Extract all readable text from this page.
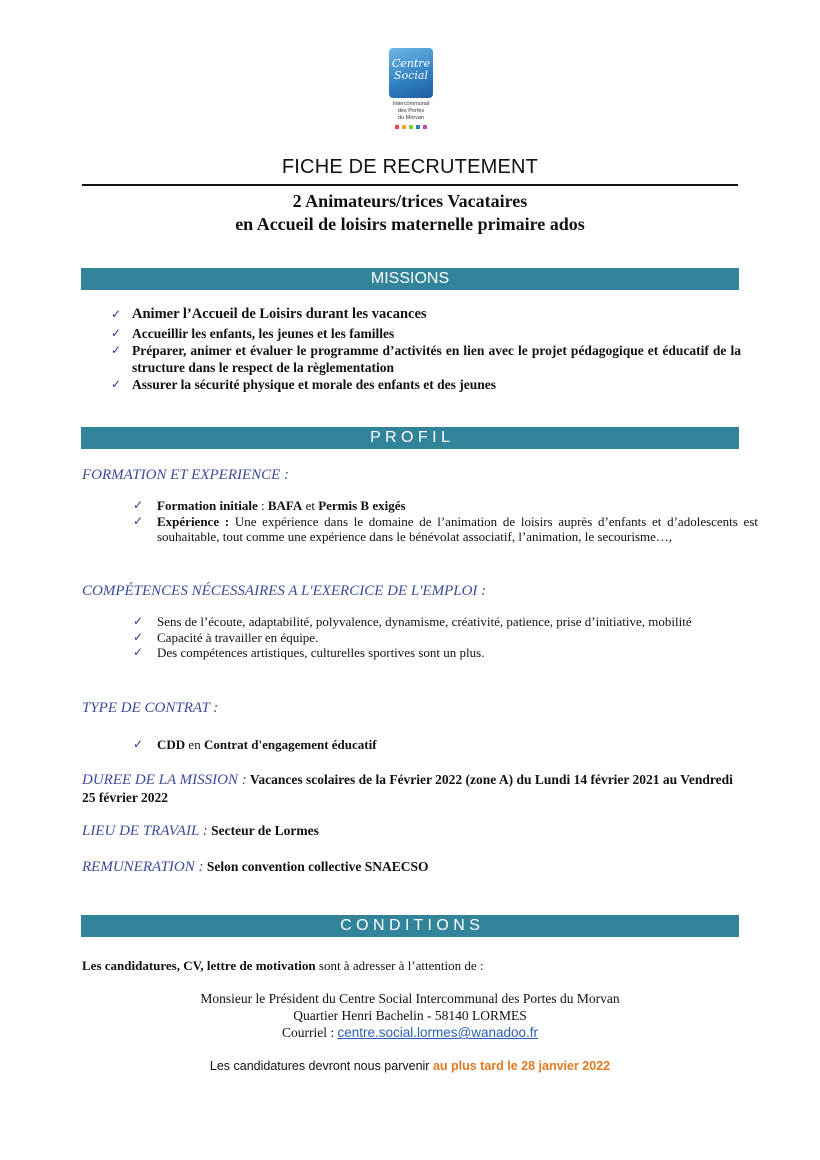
Centre
Social
Intercommunal
des Portes
du Morvan
FICHE DE RECRUTEMENT
2 Animateurs/trices Vacataires
en Accueil de loisirs maternelle primaire ados
MISSIONS
✓ Animer l’Accueil de Loisirs durant les vacances
✓ Accueillir les enfants, les jeunes et les familles
✓ Préparer, animer et évaluer le programme d’activités en lien avec le projet pédagogique et éducatif de la structure dans le respect de la règlementation
✓ Assurer la sécurité physique et morale des enfants et des jeunes
P R O F I L
FORMATION ET EXPERIENCE :
✓ Formation initiale : BAFA et Permis B exigés
✓ Expérience : Une expérience dans le domaine de l’animation de loisirs auprès d’enfants et d’adolescents est souhaitable, tout comme une expérience dans le bénévolat associatif, l’animation, le secourisme…,
COMPÉTENCES NÉCESSAIRES A L'EXERCICE DE L'EMPLOI :
✓ Sens de l’écoute, adaptabilité, polyvalence, dynamisme, créativité, patience, prise d’initiative, mobilité
✓ Capacité à travailler en équipe.
✓ Des compétences artistiques, culturelles sportives sont un plus.
TYPE DE CONTRAT :
✓ CDD en Contrat d'engagement éducatif
DUREE DE LA MISSION : Vacances scolaires de la Février 2022 (zone A) du Lundi 14 février 2021 au Vendredi 25 février 2022
LIEU DE TRAVAIL : Secteur de Lormes
REMUNERATION : Selon convention collective SNAECSO
C O N D I T I O N S
Les candidatures, CV, lettre de motivation sont à adresser à l’attention de :
Monsieur le Président du Centre Social Intercommunal des Portes du Morvan
Quartier Henri Bachelin - 58140 LORMES
Courriel : centre.social.lormes@wanadoo.fr
Les candidatures devront nous parvenir au plus tard le 28 janvier 2022
